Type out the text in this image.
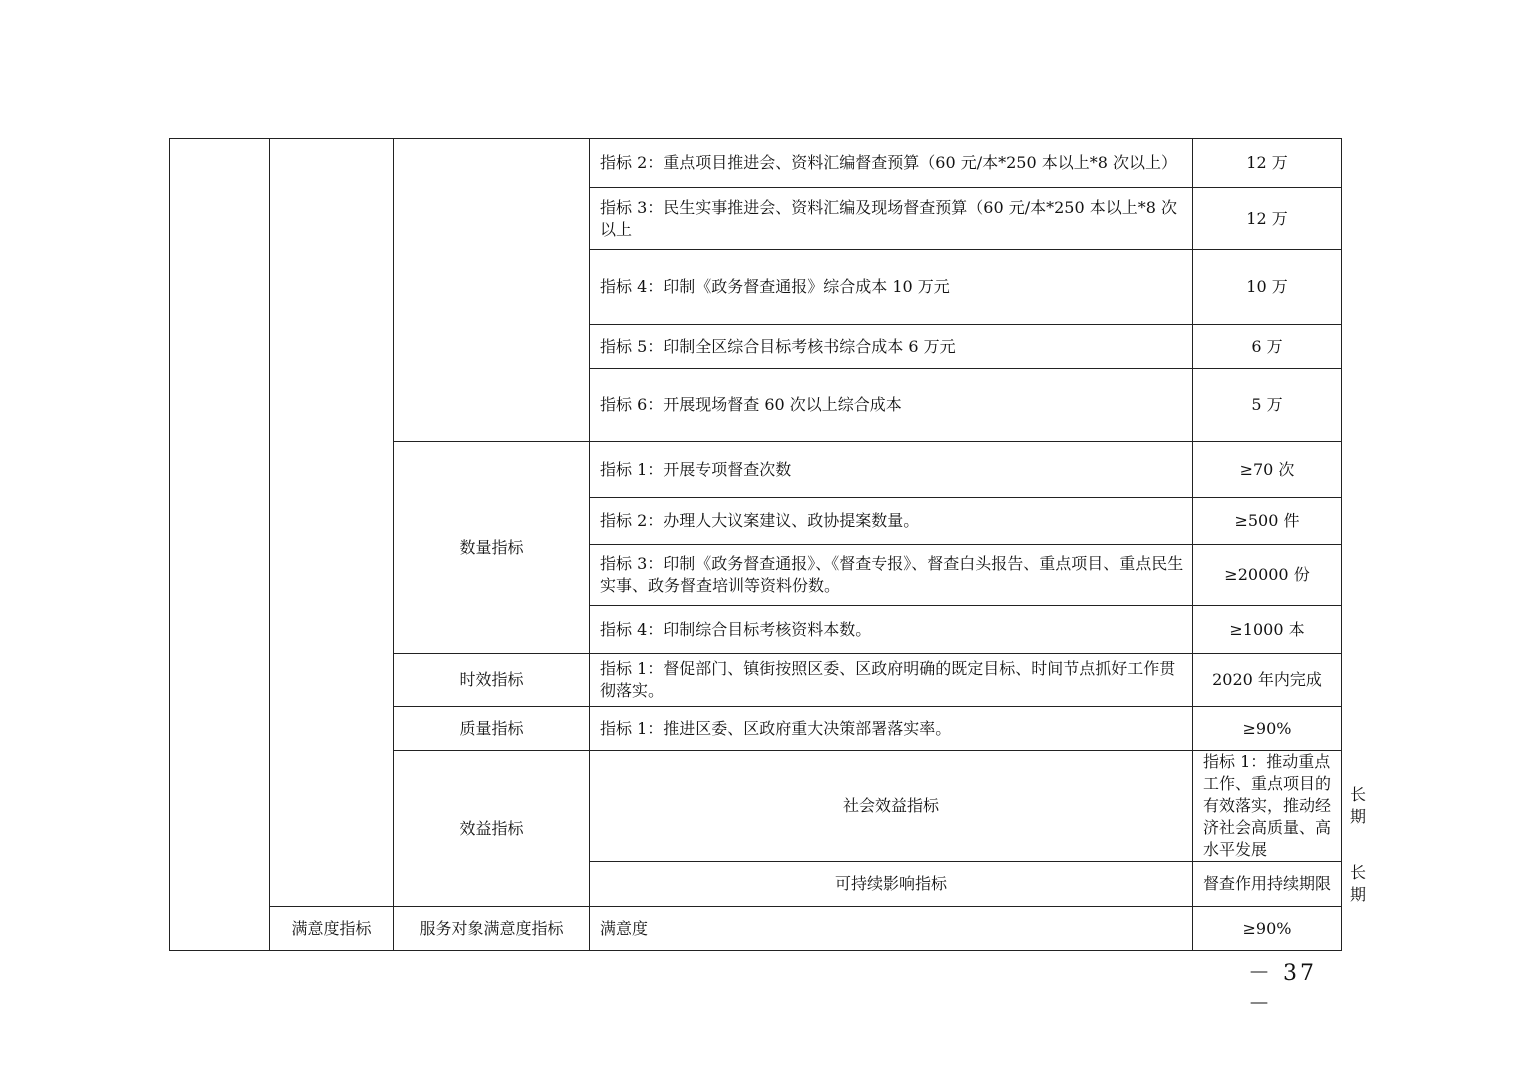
			指标 2：重点项目推进会、资料汇编督查预算（60 元/本*250 本以上*8 次以上）	12 万	
			指标 3：民生实事推进会、资料汇编及现场督查预算（60 元/本*250 本以上*8 次以上	12 万	
			指标 4：印制《政务督查通报》综合成本 10 万元	10 万	
			指标 5：印制全区综合目标考核书综合成本 6 万元	6 万	
			指标 6：开展现场督查 60 次以上综合成本	5 万	
		数量指标	指标 1：开展专项督查次数	≥70 次	
			指标 2：办理人大议案建议、政协提案数量。	≥500 件	
			指标 3：印制《政务督查通报》、《督查专报》、督查白头报告、重点项目、重点民生实事、政务督查培训等资料份数。	≥20000 份	
			指标 4：印制综合目标考核资料本数。	≥1000 本	
		时效指标	指标 1：督促部门、镇街按照区委、区政府明确的既定目标、时间节点抓好工作贯彻落实。	2020 年内完成	
		质量指标	指标 1：推进区委、区政府重大决策部署落实率。	≥90%	
		效益指标	社会效益指标	指标 1：推动重点工作、重点项目的有效落实，推动经济社会高质量、高水平发展	长期
			可持续影响指标	督查作用持续期限	长期
	满意度指标	服务对象满意度指标	满意度	≥90%	
－ 37 －
